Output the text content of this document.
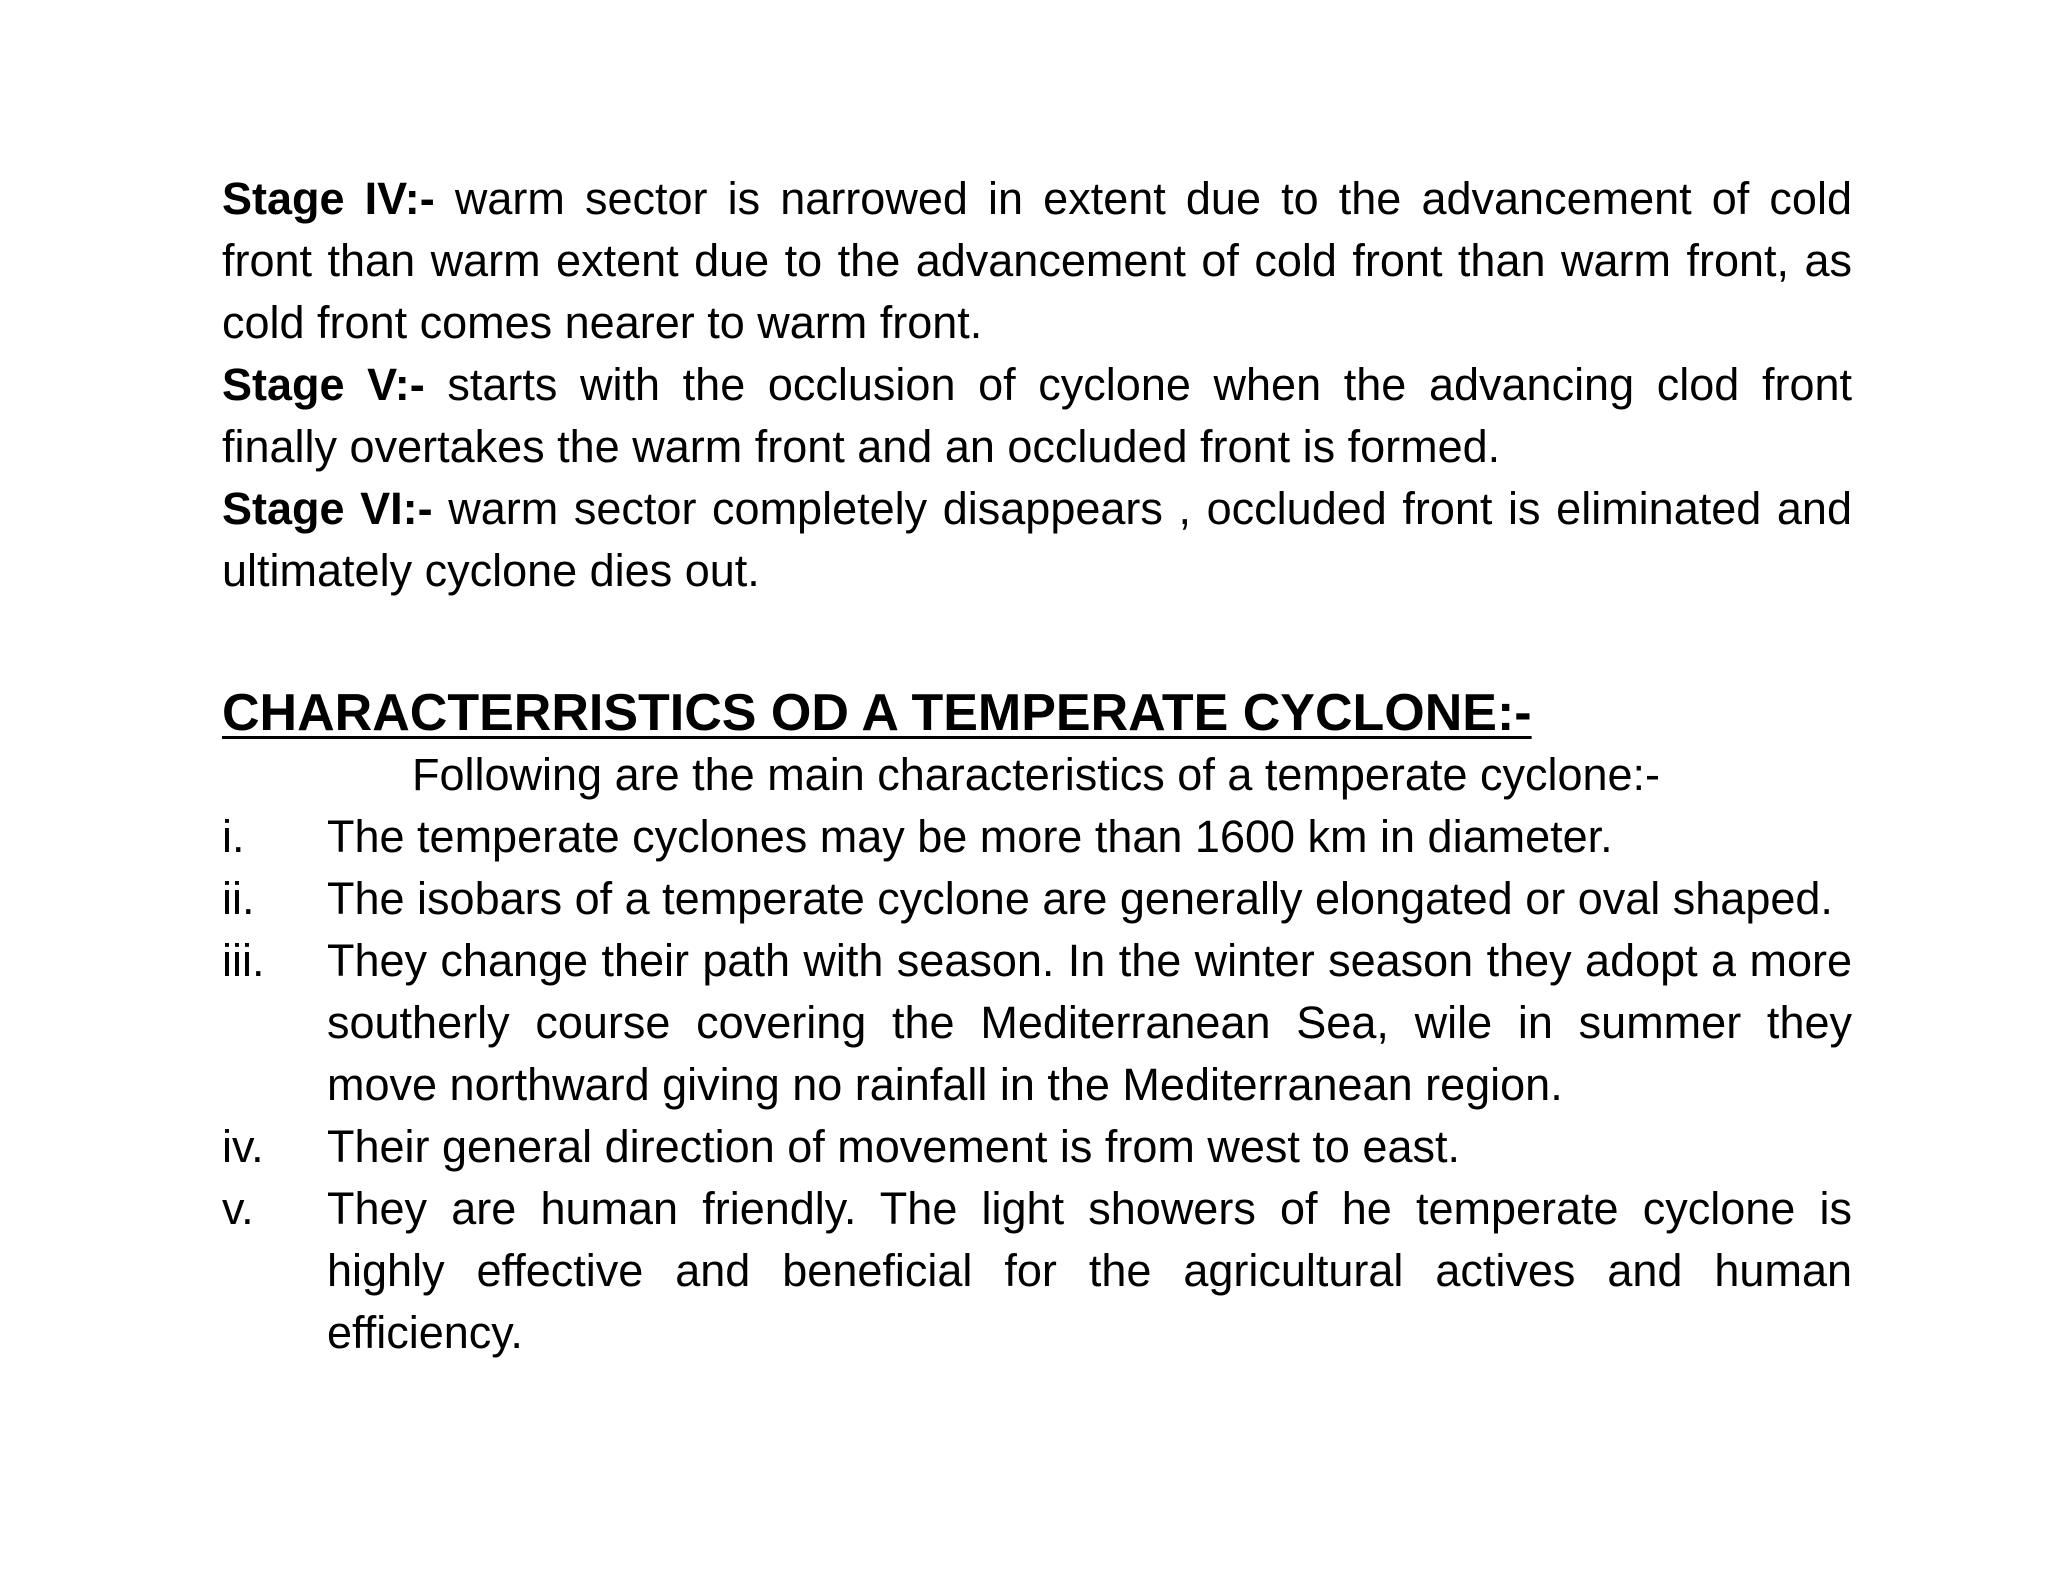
Stage IV:- warm sector is narrowed in extent due to the advancement of cold front than warm extent due to the advancement of cold front than warm front, as cold front comes nearer to warm front.

Stage V:- starts with the occlusion of cyclone when the advancing clod front finally overtakes the warm front and an occluded front is formed.

Stage VI:- warm sector completely disappears , occluded front is eliminated and ultimately cyclone dies out.

CHARACTERRISTICS OD A TEMPERATE CYCLONE:-

Following are the main characteristics of a temperate cyclone:-

i.	The temperate cyclones may be more than 1600 km in diameter.
ii.	The isobars of a temperate cyclone are generally elongated or oval shaped.
iii.	They change their path with season. In the winter season they adopt a more southerly course covering the Mediterranean Sea, wile in summer they move northward giving no rainfall in the Mediterranean region.
iv.	Their general direction of movement is from west to east.
v.	They are human friendly. The light showers of he temperate cyclone is highly effective and beneficial for the agricultural actives and human efficiency.
